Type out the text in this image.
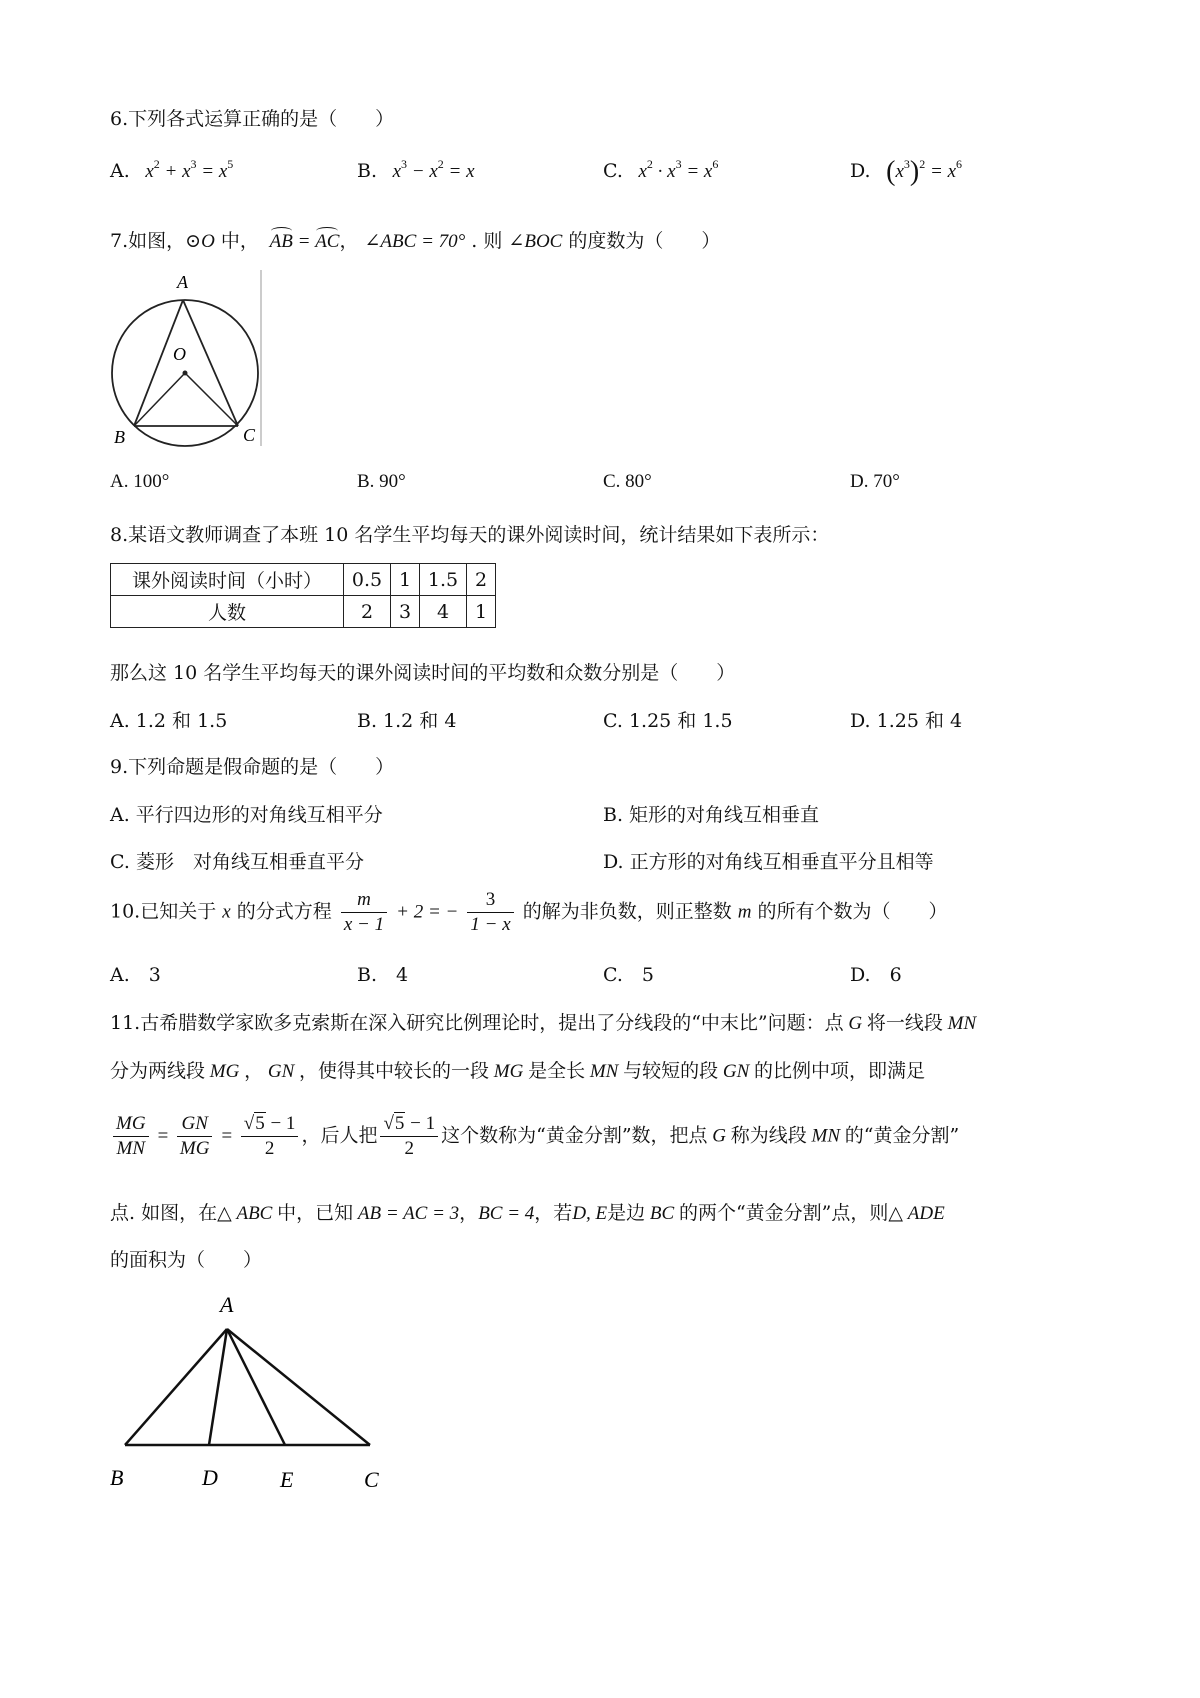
6.下列各式运算正确的是（　　）
A.   $x^2 + x^3 = x^5$	B.   $x^3 - x^2 = x$	C.   $x^2 \cdot x^3 = x^6$	D. $(x^3)^2 = x^6$
7.如图，⊙O 中， AB = AC， ∠ABC = 70° . 则 ∠BOC 的度数为（　　）
A
O
B	C
A. 100°	B. 90°	C. 80°	D. 70°
8.某语文教师调查了本班 10 名学生平均每天的课外阅读时间，统计结果如下表所示：
课外阅读时间（小时）	0.5	1	1.5	2
人数	2	3	4	1
那么这 10 名学生平均每天的课外阅读时间的平均数和众数分别是（　　）
A. 1.2 和 1.5	B. 1.2 和 4	C. 1.25 和 1.5	D. 1.25 和 4
9.下列命题是假命题的是（　　）
A. 平行四边形的对角线互相平分	B. 矩形的对角线互相垂直
C. 菱形　对角线互相垂直平分	D. 正方形的对角线互相垂直平分且相等
10.已知关于 x 的分式方程 $\frac{m}{x - 1} + 2$ = − $\frac{3}{1 - x}$ 的解为非负数，则正整数 m 的所有个数为（　　）
A.　3	B.　4	C.　5	D.　6
11.古希腊数学家欧多克索斯在深入研究比例理论时，提出了分线段的“中末比”问题：点 G 将一线段 MN
分为两线段 MG ， GN ，使得其中较长的一段 MG 是全长 MN 与较短的段 GN 的比例中项，即满足
$\frac{MG}{MN} = \frac{GN}{MG} = \frac{√5 - 1}{2}$ ，后人把 $\frac{√5 - 1}{2}$ 这个数称为“黄金分割”数，把点 G 称为线段 MN 的“黄金分割”
点. 如图，在△ ABC 中，已知 AB = AC = 3，BC = 4，若D, E是边 BC 的两个“黄金分割”点，则△ ADE
的面积为（　　）
A
B	D	E	C
